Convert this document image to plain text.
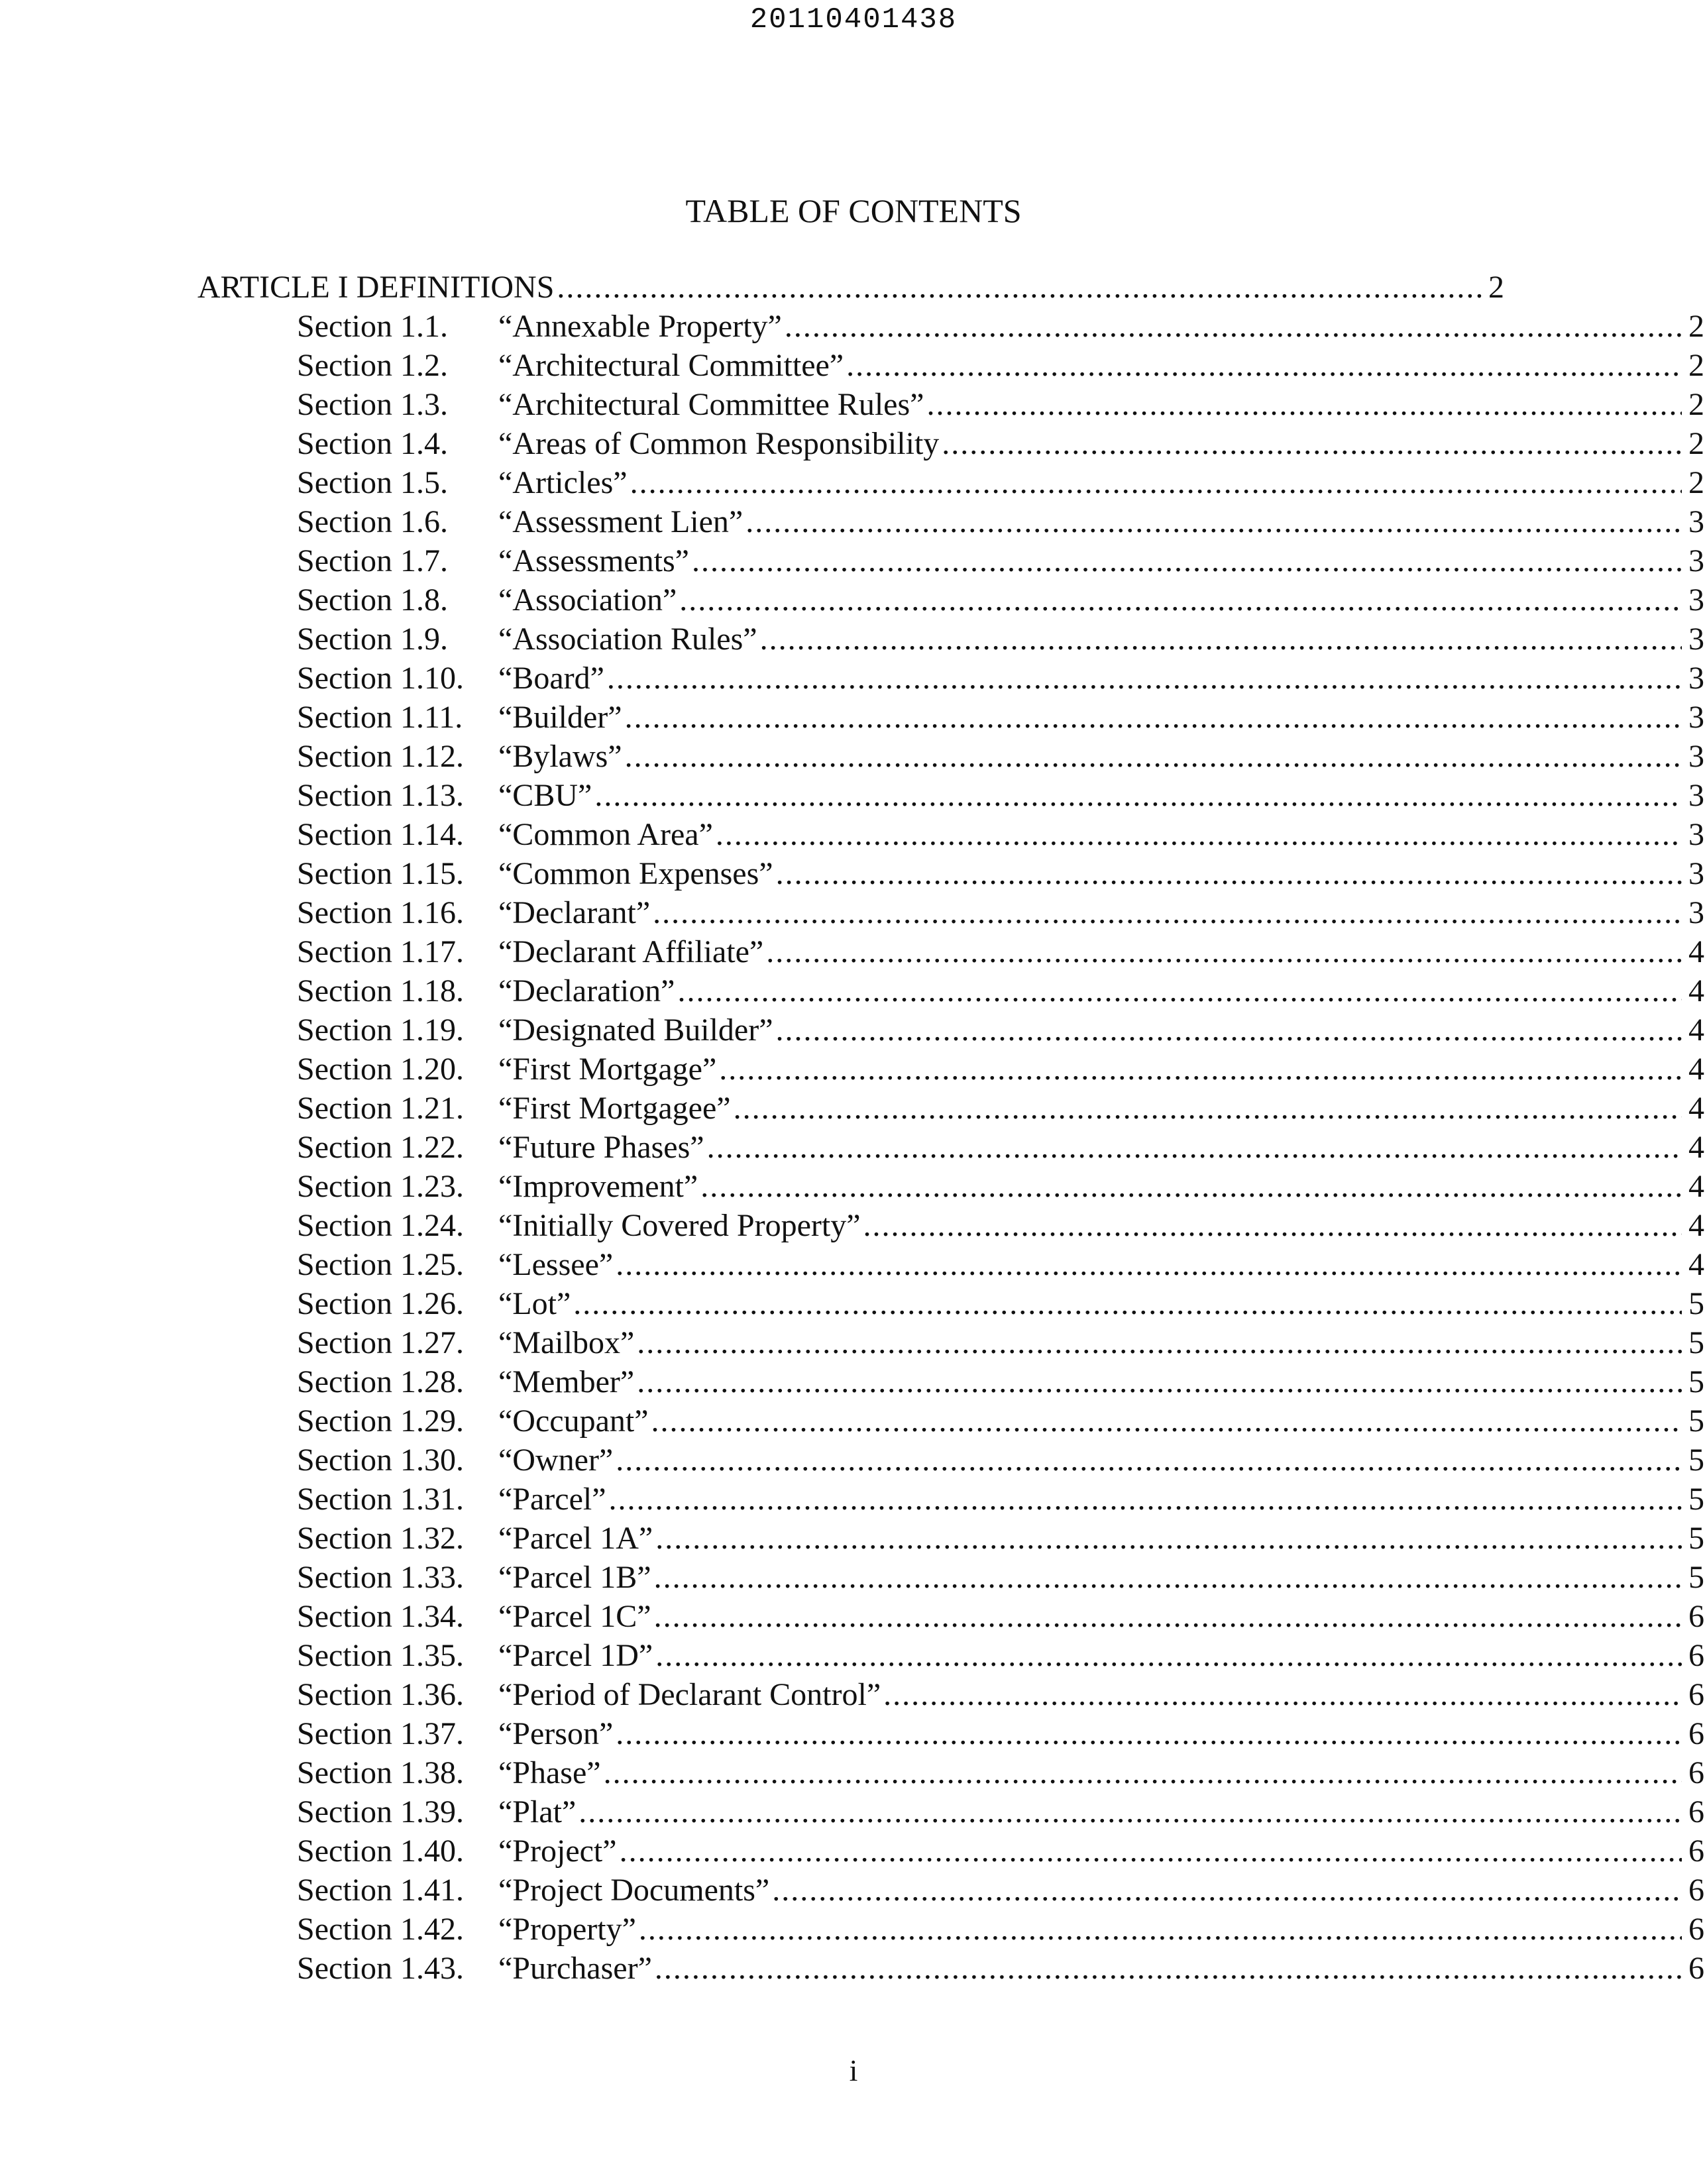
20110401438
TABLE OF CONTENTS
ARTICLE I DEFINITIONS .....	2
Section 1.1.	“Annexable Property” .....	2
Section 1.2.	“Architectural Committee” .....	2
Section 1.3.	“Architectural Committee Rules” .....	2
Section 1.4.	“Areas of Common Responsibility .....	2
Section 1.5.	“Articles” .....	2
Section 1.6.	“Assessment Lien” .....	3
Section 1.7.	“Assessments” .....	3
Section 1.8.	“Association” .....	3
Section 1.9.	“Association Rules” .....	3
Section 1.10.	“Board” .....	3
Section 1.11.	“Builder” .....	3
Section 1.12.	“Bylaws” .....	3
Section 1.13.	“CBU” .....	3
Section 1.14.	“Common Area” .....	3
Section 1.15.	“Common Expenses” .....	3
Section 1.16.	“Declarant” .....	3
Section 1.17.	“Declarant Affiliate” .....	4
Section 1.18.	“Declaration” .....	4
Section 1.19.	“Designated Builder” .....	4
Section 1.20.	“First Mortgage” .....	4
Section 1.21.	“First Mortgagee” .....	4
Section 1.22.	“Future Phases” .....	4
Section 1.23.	“Improvement” .....	4
Section 1.24.	“Initially Covered Property” .....	4
Section 1.25.	“Lessee” .....	4
Section 1.26.	“Lot” .....	5
Section 1.27.	“Mailbox” .....	5
Section 1.28.	“Member” .....	5
Section 1.29.	“Occupant” .....	5
Section 1.30.	“Owner” .....	5
Section 1.31.	“Parcel” .....	5
Section 1.32.	“Parcel 1A” .....	5
Section 1.33.	“Parcel 1B” .....	5
Section 1.34.	“Parcel 1C” .....	6
Section 1.35.	“Parcel 1D” .....	6
Section 1.36.	“Period of Declarant Control” .....	6
Section 1.37.	“Person” .....	6
Section 1.38.	“Phase” .....	6
Section 1.39.	“Plat” .....	6
Section 1.40.	“Project” .....	6
Section 1.41.	“Project Documents” .....	6
Section 1.42.	“Property” .....	6
Section 1.43.	“Purchaser” .....	6
i
